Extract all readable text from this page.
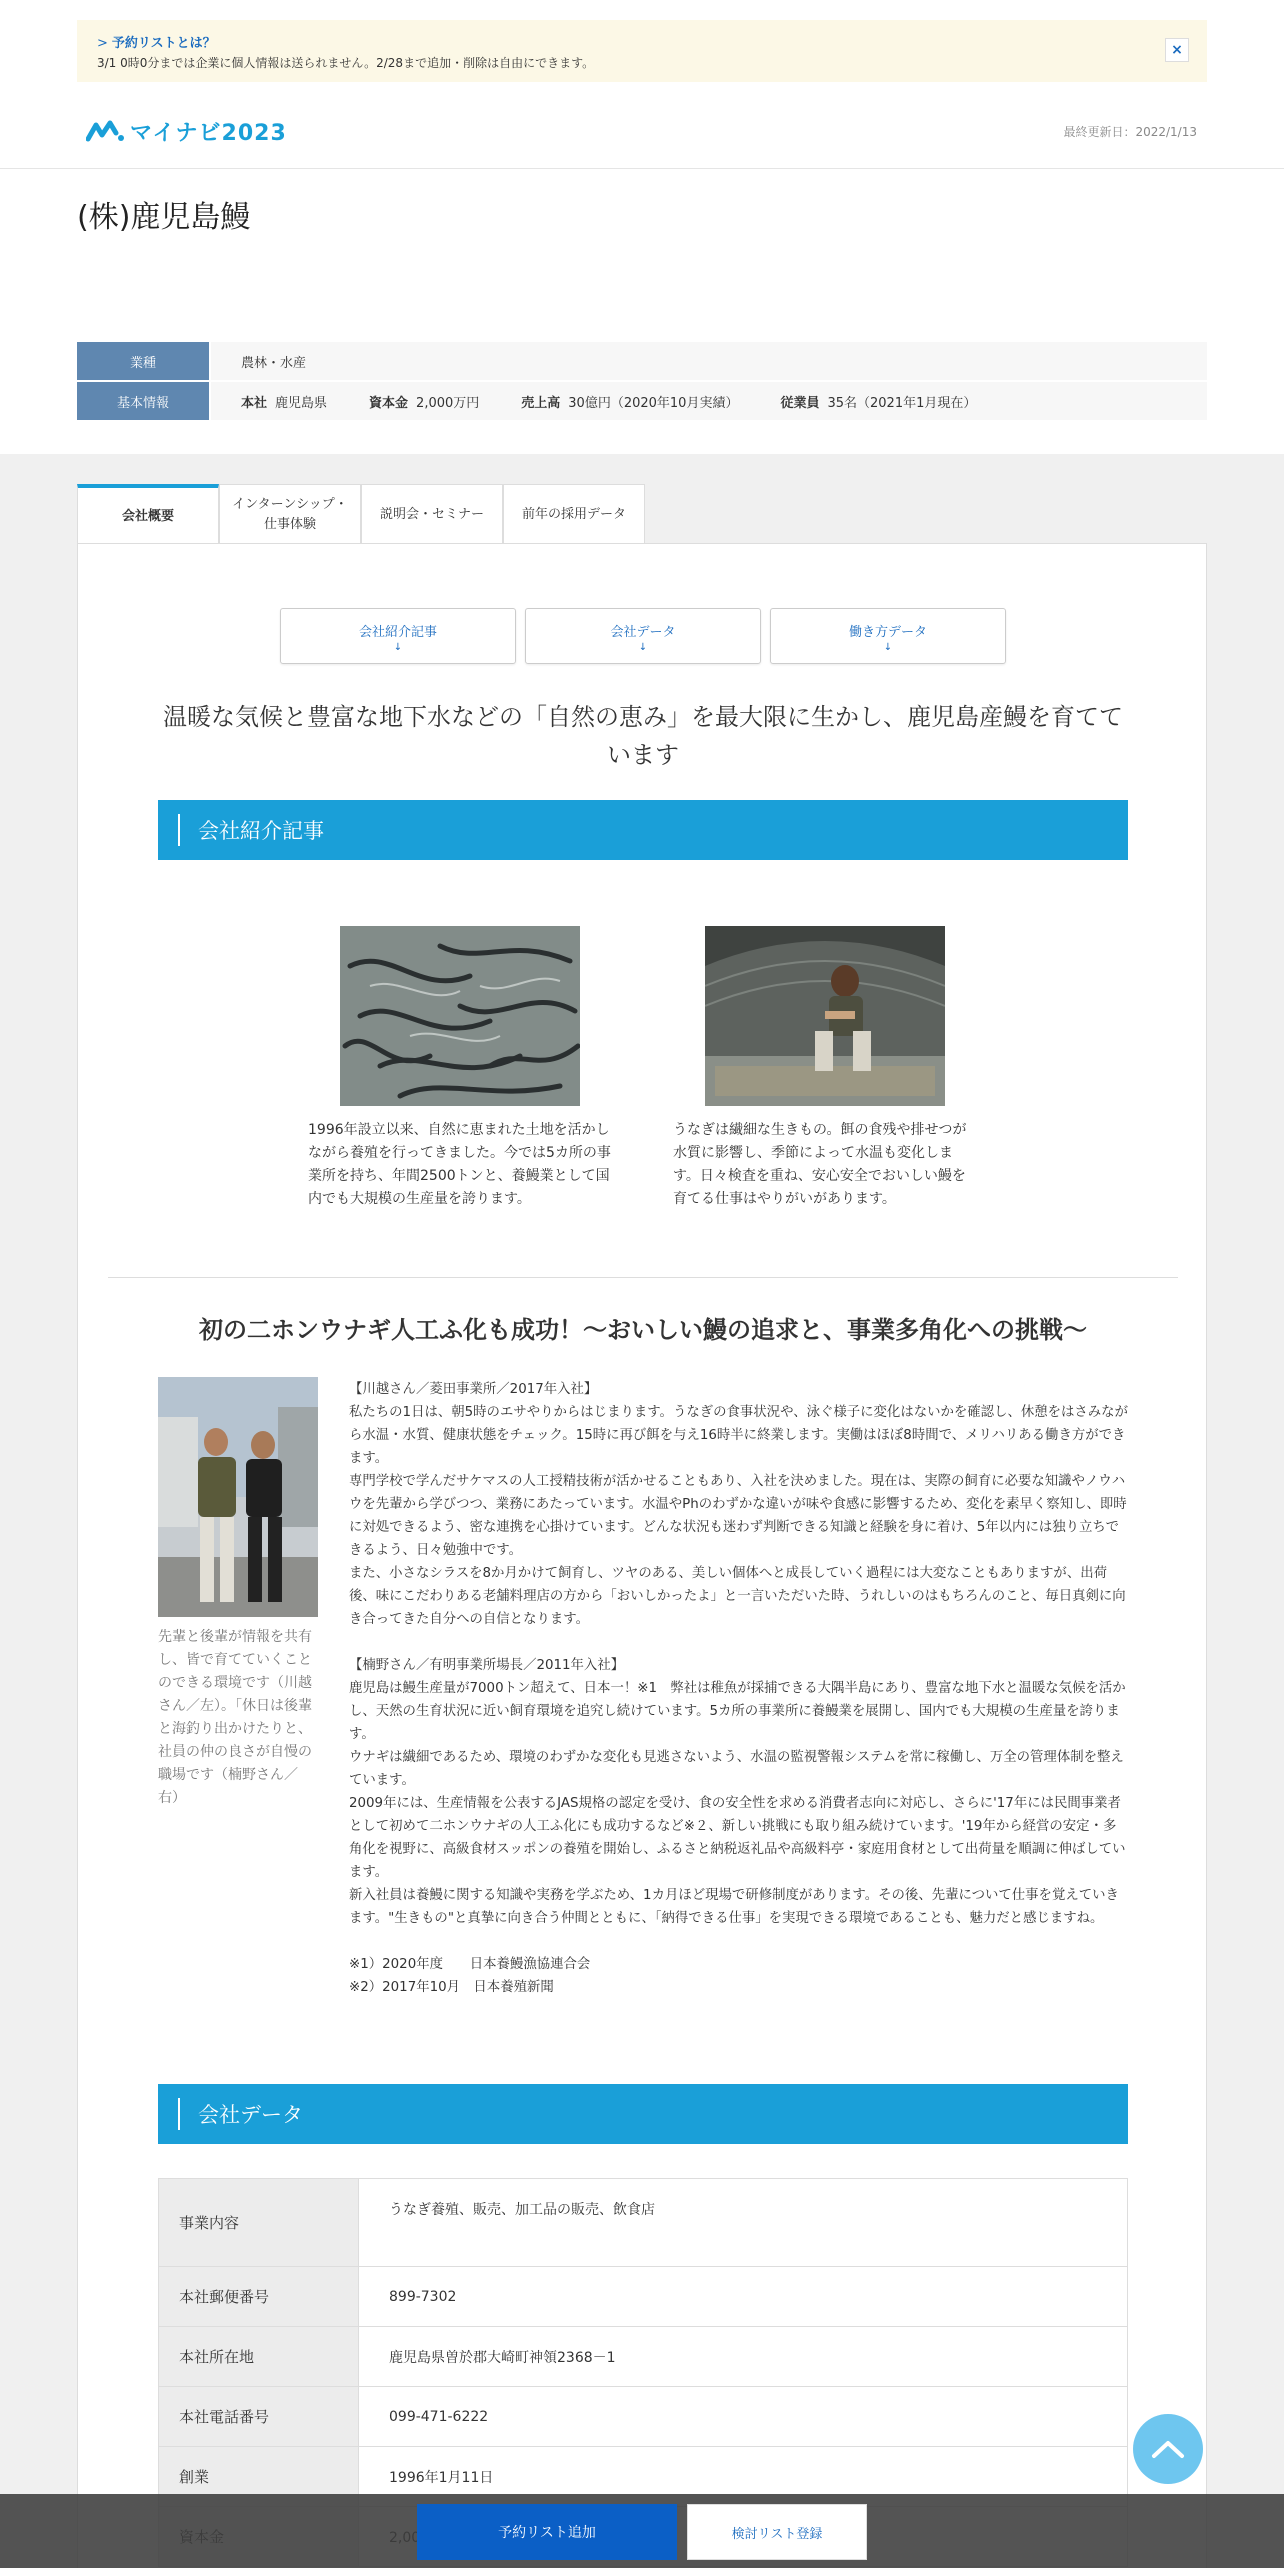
> 予約リストとは？
3/1 0時0分までは企業に個人情報は送られません。2/28まで追加・削除は自由にできます。
×
マイナビ2023	最終更新日：2022/1/13
(株)鹿児島鰻
業種	農林・水産
基本情報	本社 鹿児島県	資本金 2,000万円	売上高 30億円（2020年10月実績）	従業員 35名（2021年1月現在）
会社概要
インターンシップ・
仕事体験
説明会・セミナー	前年の採用データ
会社紹介記事
↓
会社データ
↓
働き方データ
↓
温暖な気候と豊富な地下水などの「自然の恵み」を最大限に生かし、鹿児島産鰻を育てています
会社紹介記事
1996年設立以来、自然に恵まれた土地を活かしながら養殖を行ってきました。今では5カ所の事業所を持ち、年間2500トンと、養鰻業として国内でも大規模の生産量を誇ります。
うなぎは繊細な生きもの。餌の食残や排せつが水質に影響し、季節によって水温も変化します。日々検査を重ね、安心安全でおいしい鰻を育てる仕事はやりがいがあります。
初の二ホンウナギ人工ふ化も成功！～おいしい鰻の追求と、事業多角化への挑戦～
先輩と後輩が情報を共有し、皆で育てていくことのできる環境です（川越さん／左）。「休日は後輩と海釣り出かけたりと、社員の仲の良さが自慢の職場です（楠野さん／右）
【川越さん／菱田事業所／2017年入社】
私たちの1日は、朝5時のエサやりからはじまります。うなぎの食事状況や、泳ぐ様子に変化はないかを確認し、休憩をはさみながら水温・水質、健康状態をチェック。15時に再び餌を与え16時半に終業します。実働はほぼ8時間で、メリハリある働き方ができます。
専門学校で学んだサケマスの人工授精技術が活かせることもあり、入社を決めました。現在は、実際の飼育に必要な知識やノウハウを先輩から学びつつ、業務にあたっています。水温やPhのわずかな違いが味や食感に影響するため、変化を素早く察知し、即時に対処できるよう、密な連携を心掛けています。どんな状況も迷わず判断できる知識と経験を身に着け、5年以内には独り立ちできるよう、日々勉強中です。
また、小さなシラスを8か月かけて飼育し、ツヤのある、美しい個体へと成長していく過程には大変なこともありますが、出荷後、味にこだわりある老舗料理店の方から「おいしかったよ」と一言いただいた時、うれしいのはもちろんのこと、毎日真剣に向き合ってきた自分への自信となります。

【楠野さん／有明事業所場長／2011年入社】
鹿児島は鰻生産量が7000トン超えて、日本一！※1　弊社は稚魚が採捕できる大隅半島にあり、豊富な地下水と温暖な気候を活かし、天然の生育状況に近い飼育環境を追究し続けています。5カ所の事業所に養鰻業を展開し、国内でも大規模の生産量を誇ります。
ウナギは繊細であるため、環境のわずかな変化も見逃さないよう、水温の監視警報システムを常に稼働し、万全の管理体制を整えています。
2009年には、生産情報を公表するJAS規格の認定を受け、食の安全性を求める消費者志向に対応し、さらに'17年には民間事業者として初めて二ホンウナギの人工ふ化にも成功するなど※２、新しい挑戦にも取り組み続けています。'19年から経営の安定・多角化を視野に、高級食材スッポンの養殖を開始し、ふるさと納税返礼品や高級料亭・家庭用食材として出荷量を順調に伸ばしています。
新入社員は養鰻に関する知識や実務を学ぶため、1カ月ほど現場で研修制度があります。その後、先輩について仕事を覚えていきます。"生きもの"と真摯に向き合う仲間とともに、「納得できる仕事」を実現できる環境であることも、魅力だと感じますね。

※1）2020年度　　日本養鰻漁協連合会
※2）2017年10月　日本養殖新聞
会社データ
事業内容	うなぎ養殖、販売、加工品の販売、飲食店
本社郵便番号	899-7302
本社所在地	鹿児島県曽於郡大崎町神領2368－1
本社電話番号	099-471-6222
創業	1996年1月11日

予約リスト追加	検討リスト登録
